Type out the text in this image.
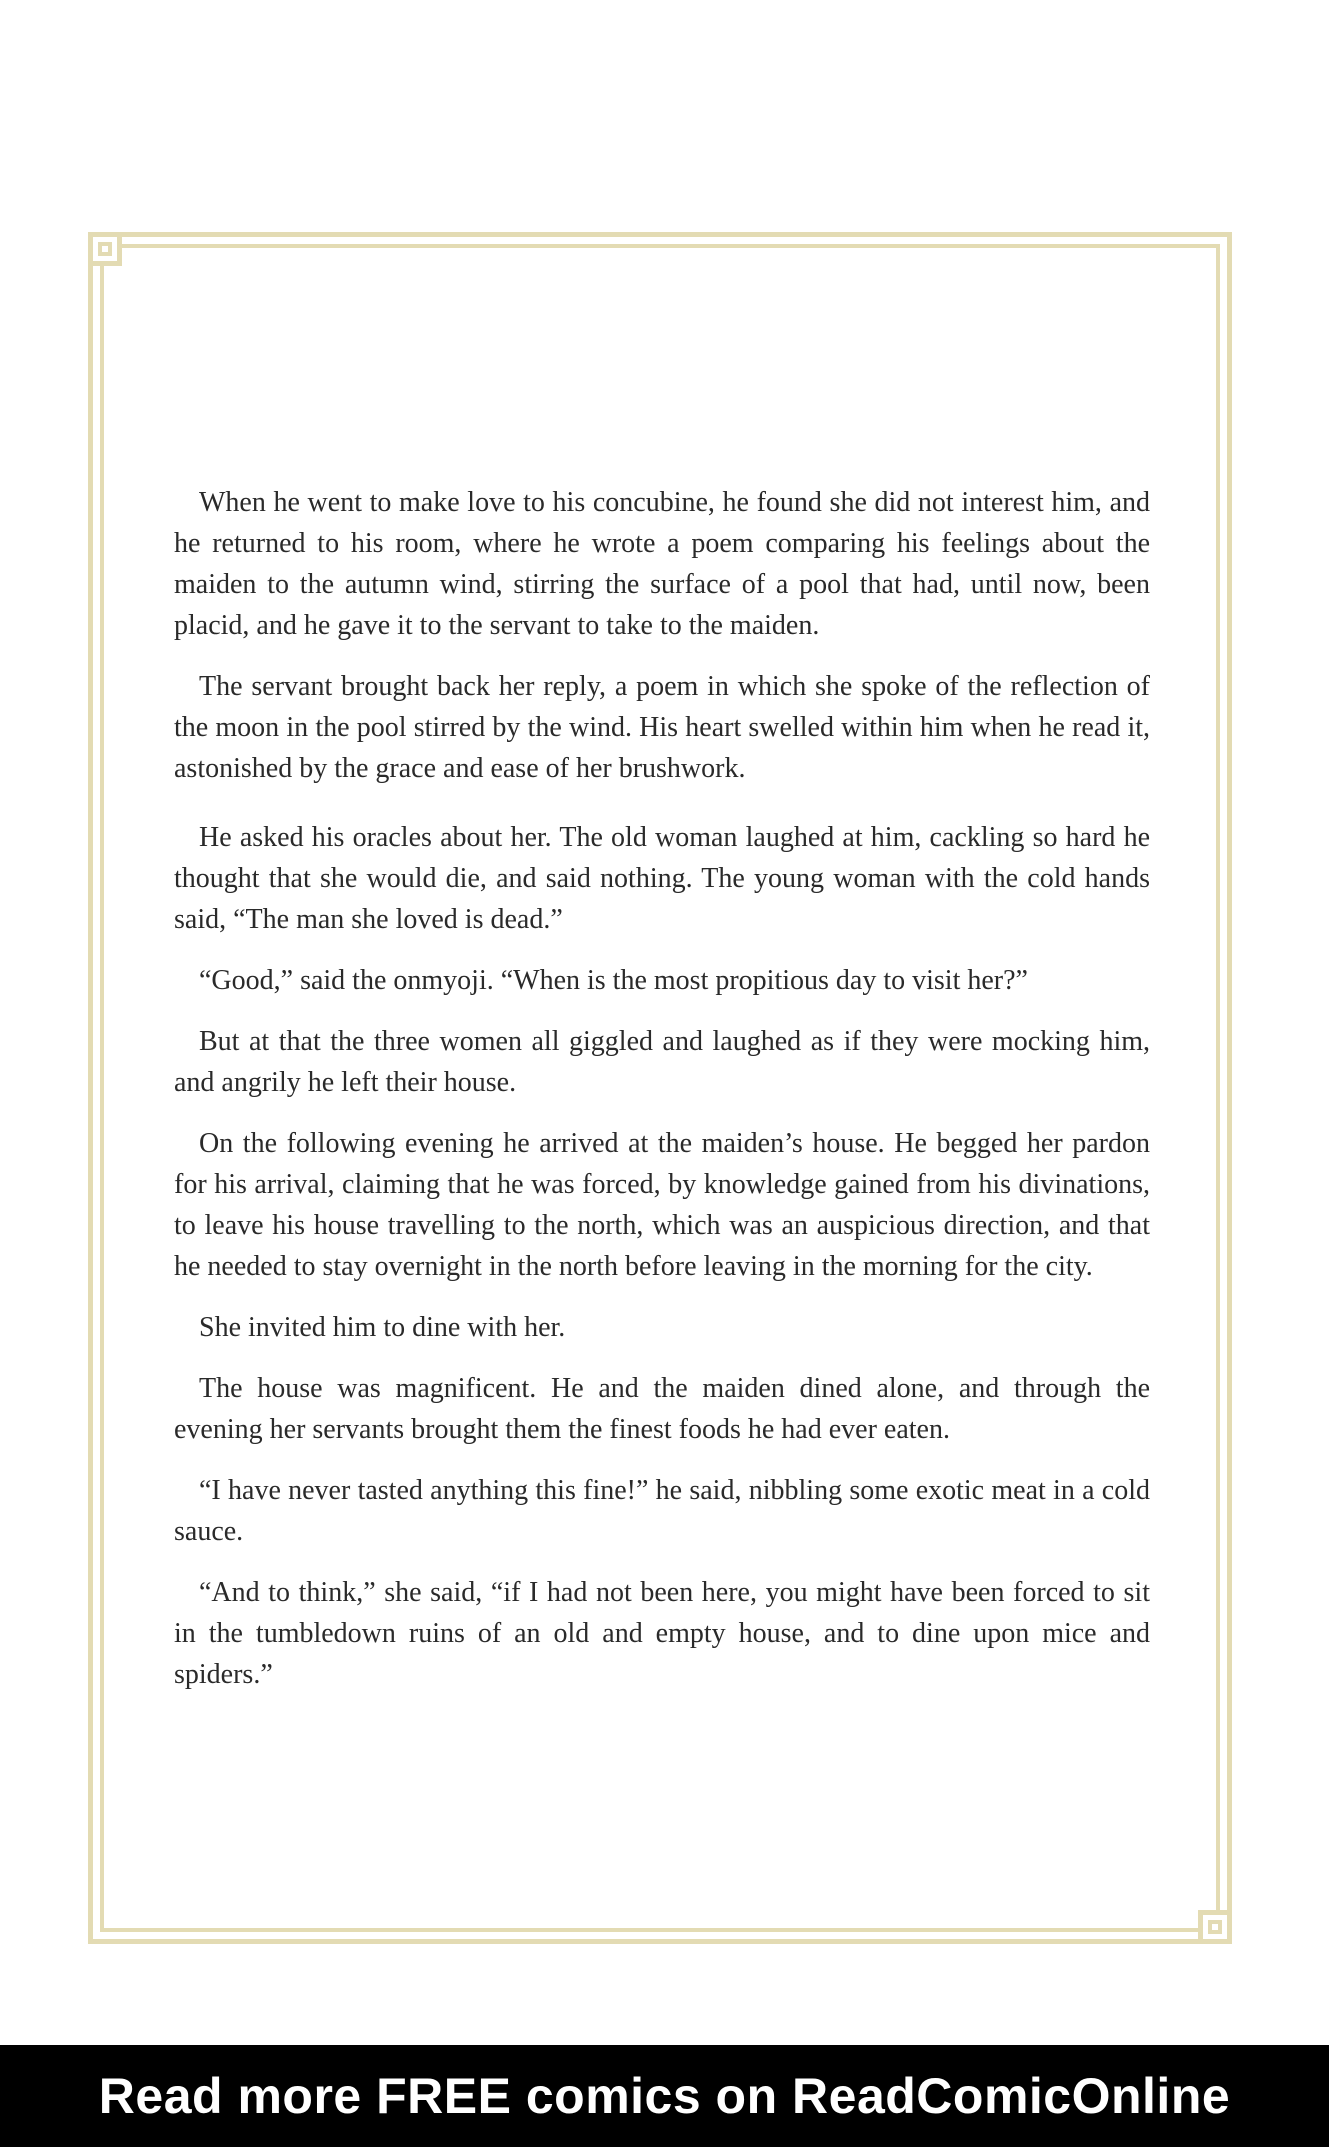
When he went to make love to his concubine, he found she did not interest him, and he returned to his room, where he wrote a poem comparing his feelings about the maiden to the autumn wind, stirring the surface of a pool that had, until now, been placid, and he gave it to the servant to take to the maiden.

The servant brought back her reply, a poem in which she spoke of the reflection of the moon in the pool stirred by the wind. His heart swelled within him when he read it, astonished by the grace and ease of her brushwork.

He asked his oracles about her. The old woman laughed at him, cackling so hard he thought that she would die, and said nothing. The young woman with the cold hands said, “The man she loved is dead.”

“Good,” said the onmyoji. “When is the most propitious day to visit her?”

But at that the three women all giggled and laughed as if they were mocking him, and angrily he left their house.

On the following evening he arrived at the maiden’s house. He begged her pardon for his arrival, claiming that he was forced, by knowledge gained from his divinations, to leave his house travelling to the north, which was an auspicious direction, and that he needed to stay overnight in the north before leaving in the morning for the city.

She invited him to dine with her.

The house was magnificent. He and the maiden dined alone, and through the evening her servants brought them the finest foods he had ever eaten.

“I have never tasted anything this fine!” he said, nibbling some exotic meat in a cold sauce.

“And to think,” she said, “if I had not been here, you might have been forced to sit in the tumbledown ruins of an old and empty house, and to dine upon mice and spiders.”

Read more FREE comics on ReadComicOnline
